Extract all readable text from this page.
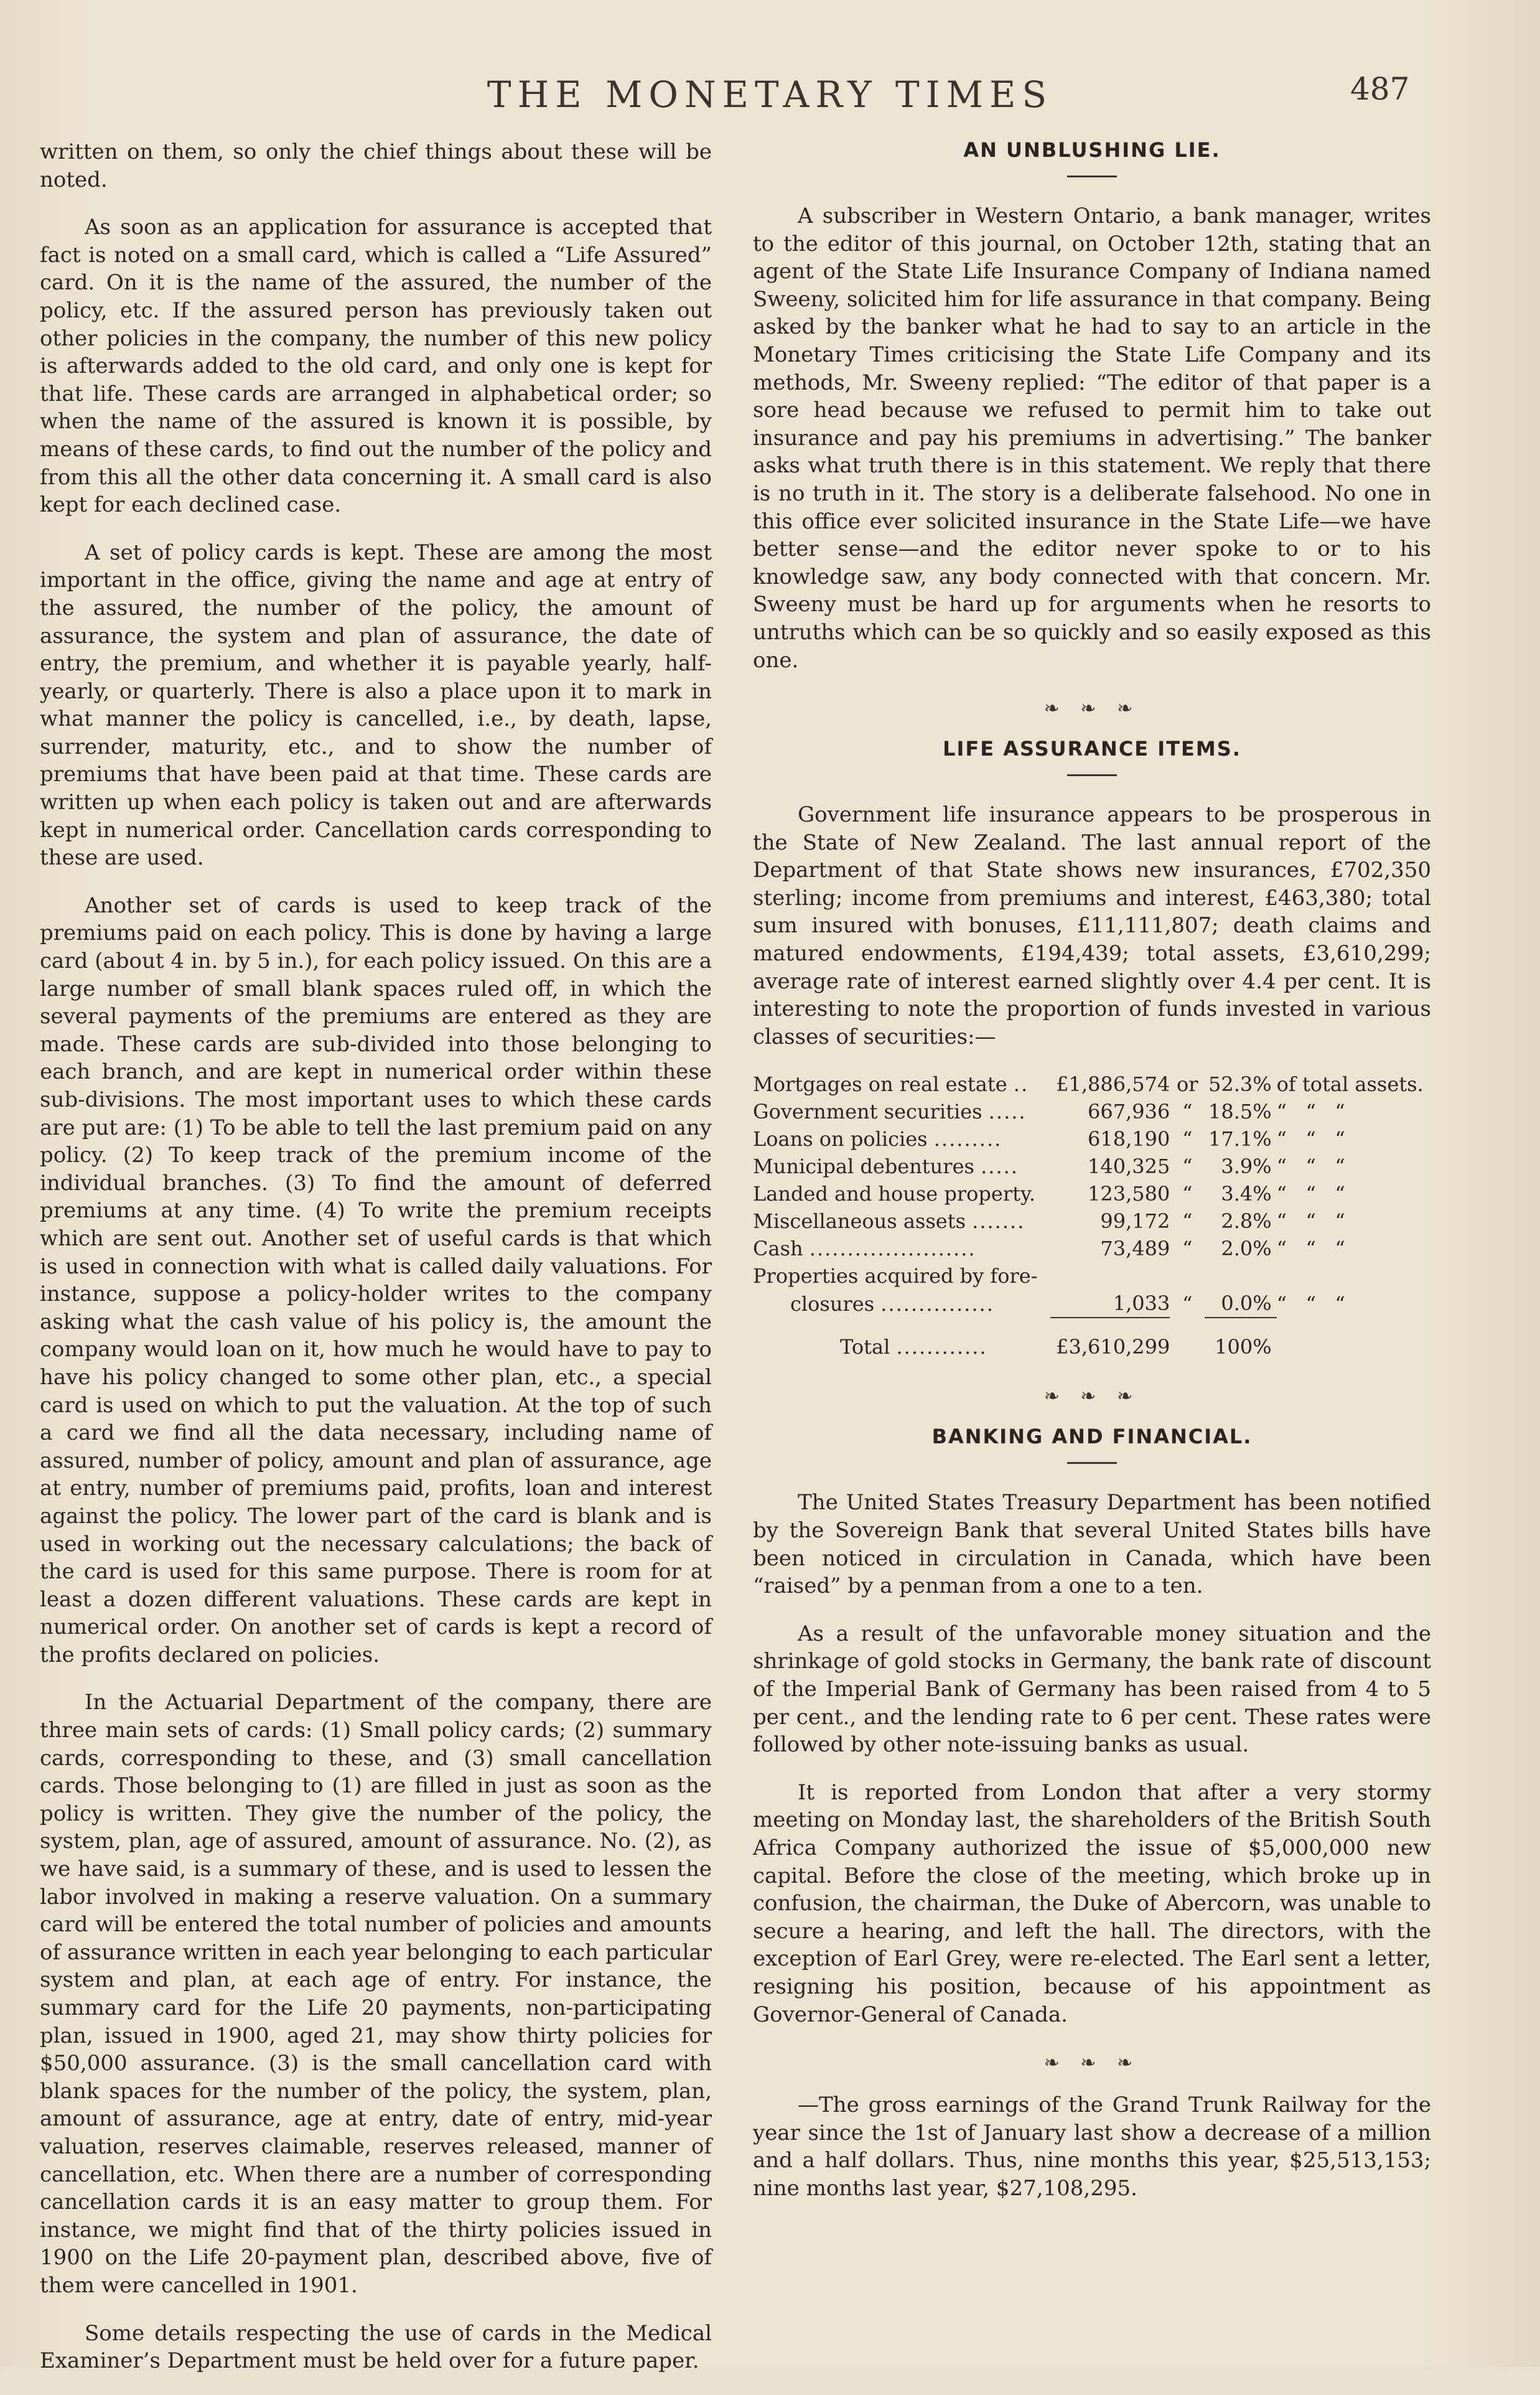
THE MONETARY TIMES	487

written on them, so only the chief things about these will be noted.

As soon as an application for assurance is accepted that fact is noted on a small card, which is called a “Life Assured” card. On it is the name of the assured, the number of the policy, etc. If the assured person has previously taken out other policies in the company, the number of this new policy is afterwards added to the old card, and only one is kept for that life. These cards are arranged in alphabetical order; so when the name of the assured is known it is possible, by means of these cards, to find out the number of the policy and from this all the other data concerning it. A small card is also kept for each declined case.

A set of policy cards is kept. These are among the most important in the office, giving the name and age at entry of the assured, the number of the policy, the amount of assurance, the system and plan of assurance, the date of entry, the premium, and whether it is payable yearly, half-yearly, or quarterly. There is also a place upon it to mark in what manner the policy is cancelled, i.e., by death, lapse, surrender, maturity, etc., and to show the number of premiums that have been paid at that time. These cards are written up when each policy is taken out and are afterwards kept in numerical order. Cancellation cards corresponding to these are used.

Another set of cards is used to keep track of the premiums paid on each policy. This is done by having a large card (about 4 in. by 5 in.), for each policy issued. On this are a large number of small blank spaces ruled off, in which the several payments of the premiums are entered as they are made. These cards are sub-divided into those belonging to each branch, and are kept in numerical order within these sub-divisions. The most important uses to which these cards are put are: (1) To be able to tell the last premium paid on any policy. (2) To keep track of the premium income of the individual branches. (3) To find the amount of deferred premiums at any time. (4) To write the premium receipts which are sent out. Another set of useful cards is that which is used in connection with what is called daily valuations. For instance, suppose a policy-holder writes to the company asking what the cash value of his policy is, the amount the company would loan on it, how much he would have to pay to have his policy changed to some other plan, etc., a special card is used on which to put the valuation. At the top of such a card we find all the data necessary, including name of assured, number of policy, amount and plan of assurance, age at entry, number of premiums paid, profits, loan and interest against the policy. The lower part of the card is blank and is used in working out the necessary calculations; the back of the card is used for this same purpose. There is room for at least a dozen different valuations. These cards are kept in numerical order. On another set of cards is kept a record of the profits declared on policies.

In the Actuarial Department of the company, there are three main sets of cards: (1) Small policy cards; (2) summary cards, corresponding to these, and (3) small cancellation cards. Those belonging to (1) are filled in just as soon as the policy is written. They give the number of the policy, the system, plan, age of assured, amount of assurance. No. (2), as we have said, is a summary of these, and is used to lessen the labor involved in making a reserve valuation. On a summary card will be entered the total number of policies and amounts of assurance written in each year belonging to each particular system and plan, at each age of entry. For instance, the summary card for the Life 20 payments, non-participating plan, issued in 1900, aged 21, may show thirty policies for $50,000 assurance. (3) is the small cancellation card with blank spaces for the number of the policy, the system, plan, amount of assurance, age at entry, date of entry, mid-year valuation, reserves claimable, reserves released, manner of cancellation, etc. When there are a number of corresponding cancellation cards it is an easy matter to group them. For instance, we might find that of the thirty policies issued in 1900 on the Life 20-payment plan, described above, five of them were cancelled in 1901.

Some details respecting the use of cards in the Medical Examiner’s Department must be held over for a future paper.

AN UNBLUSHING LIE.

A subscriber in Western Ontario, a bank manager, writes to the editor of this journal, on October 12th, stating that an agent of the State Life Insurance Company of Indiana named Sweeny, solicited him for life assurance in that company. Being asked by the banker what he had to say to an article in the Monetary Times criticising the State Life Company and its methods, Mr. Sweeny replied: “The editor of that paper is a sore head because we refused to permit him to take out insurance and pay his premiums in advertising.” The banker asks what truth there is in this statement. We reply that there is no truth in it. The story is a deliberate falsehood. No one in this office ever solicited insurance in the State Life—we have better sense—and the editor never spoke to or to his knowledge saw, any body connected with that concern. Mr. Sweeny must be hard up for arguments when he resorts to untruths which can be so quickly and so easily exposed as this one.

❧ ❧ ❧
LIFE ASSURANCE ITEMS.

Government life insurance appears to be prosperous in the State of New Zealand. The last annual report of the Department of that State shows new insurances, £702,350 sterling; income from premiums and interest, £463,380; total sum insured with bonuses, £11,111,807; death claims and matured endowments, £194,439; total assets, £3,610,299; average rate of interest earned slightly over 4.4 per cent. It is interesting to note the proportion of funds invested in various classes of securities:—

Mortgages on real estate ..	£1,886,574	or	52.3%	of total assets.
Government securities .....	667,936	“	18.5%	“   “   “
Loans on policies .........	618,190	“	17.1%	“   “   “
Municipal debentures .....	140,325	“	3.9%	“   “   “
Landed and house property.	123,580	“	3.4%	“   “   “
Miscellaneous assets .......	99,172	“	2.8%	“   “   “
Cash ......................	73,489	“	2.0%	“   “   “
Properties acquired by fore-				
closures ...............	1,033	“	0.0%	“   “   “
Total ............	£3,610,299		100%	
❧ ❧ ❧
BANKING AND FINANCIAL.

The United States Treasury Department has been notified by the Sovereign Bank that several United States bills have been noticed in circulation in Canada, which have been “raised” by a penman from a one to a ten.

As a result of the unfavorable money situation and the shrinkage of gold stocks in Germany, the bank rate of discount of the Imperial Bank of Germany has been raised from 4 to 5 per cent., and the lending rate to 6 per cent. These rates were followed by other note-issuing banks as usual.

It is reported from London that after a very stormy meeting on Monday last, the shareholders of the British South Africa Company authorized the issue of $5,000,000 new capital. Before the close of the meeting, which broke up in confusion, the chairman, the Duke of Abercorn, was unable to secure a hearing, and left the hall. The directors, with the exception of Earl Grey, were re-elected. The Earl sent a letter, resigning his position, because of his appointment as Governor-General of Canada.

❧ ❧ ❧

—The gross earnings of the Grand Trunk Railway for the year since the 1st of January last show a decrease of a million and a half dollars. Thus, nine months this year, $25,513,153; nine months last year, $27,108,295.
